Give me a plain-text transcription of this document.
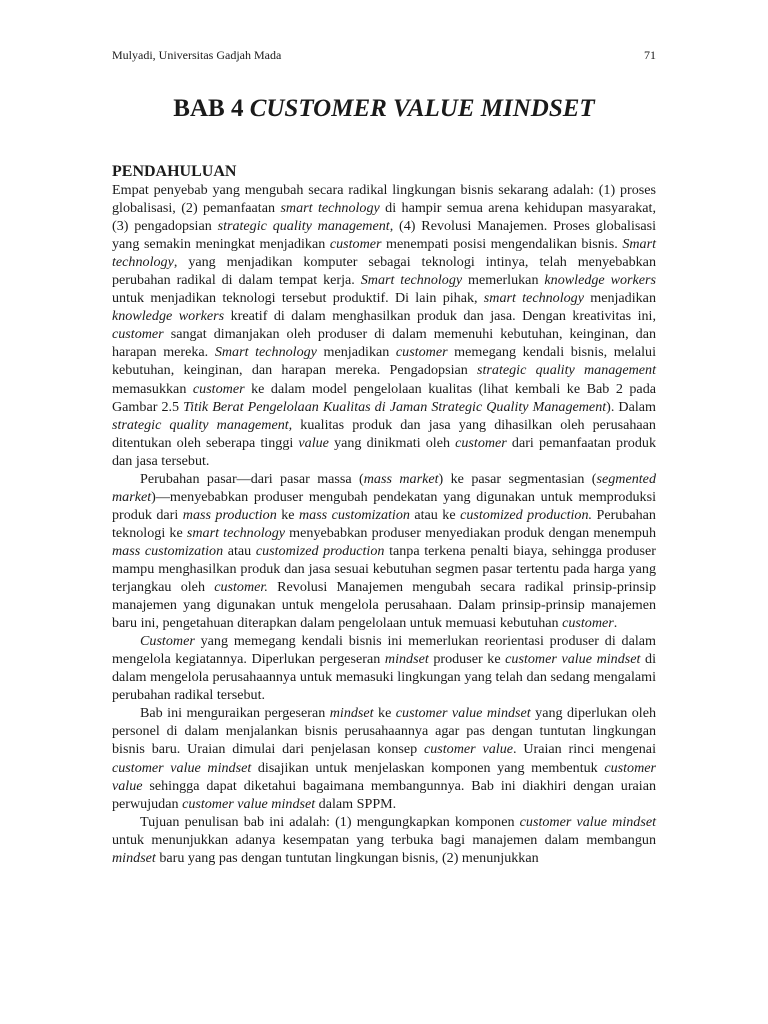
Mulyadi, Universitas Gadjah Mada	71
BAB 4 CUSTOMER VALUE MINDSET
PENDAHULUAN

Empat penyebab yang mengubah secara radikal lingkungan bisnis sekarang adalah: (1) proses globalisasi, (2) pemanfaatan smart technology di hampir semua arena kehidupan masyarakat, (3) pengadopsian strategic quality management, (4) Revolusi Manajemen. Proses globalisasi yang semakin meningkat menjadikan customer menempati posisi mengendalikan bisnis. Smart technology, yang menjadikan komputer sebagai teknologi intinya, telah menyebabkan perubahan radikal di dalam tempat kerja. Smart technology memerlukan knowledge workers untuk menjadikan teknologi tersebut produktif. Di lain pihak, smart technology menjadikan knowledge workers kreatif di dalam menghasilkan produk dan jasa. Dengan kreativitas ini, customer sangat dimanjakan oleh produser di dalam memenuhi kebutuhan, keinginan, dan harapan mereka. Smart technology menjadikan customer memegang kendali bisnis, melalui kebutuhan, keinginan, dan harapan mereka. Pengadopsian strategic quality management memasukkan customer ke dalam model pengelolaan kualitas (lihat kembali ke Bab 2 pada Gambar 2.5 Titik Berat Pengelolaan Kualitas di Jaman Strategic Quality Management). Dalam strategic quality management, kualitas produk dan jasa yang dihasilkan oleh perusahaan ditentukan oleh seberapa tinggi value yang dinikmati oleh customer dari pemanfaatan produk dan jasa tersebut.

Perubahan pasar—dari pasar massa (mass market) ke pasar segmentasian (segmented market)—menyebabkan produser mengubah pendekatan yang digunakan untuk memproduksi produk dari mass production ke mass customization atau ke customized production. Perubahan teknologi ke smart technology menyebabkan produser menyediakan produk dengan menempuh mass customization atau customized production tanpa terkena penalti biaya, sehingga produser mampu menghasilkan produk dan jasa sesuai kebutuhan segmen pasar tertentu pada harga yang terjangkau oleh customer. Revolusi Manajemen mengubah secara radikal prinsip-prinsip manajemen yang digunakan untuk mengelola perusahaan. Dalam prinsip-prinsip manajemen baru ini, pengetahuan diterapkan dalam pengelolaan untuk memuasi kebutuhan customer.

Customer yang memegang kendali bisnis ini memerlukan reorientasi produser di dalam mengelola kegiatannya. Diperlukan pergeseran mindset produser ke customer value mindset di dalam mengelola perusahaannya untuk memasuki lingkungan yang telah dan sedang mengalami perubahan radikal tersebut.

Bab ini menguraikan pergeseran mindset ke customer value mindset yang diperlukan oleh personel di dalam menjalankan bisnis perusahaannya agar pas dengan tuntutan lingkungan bisnis baru. Uraian dimulai dari penjelasan konsep customer value. Uraian rinci mengenai customer value mindset disajikan untuk menjelaskan komponen yang membentuk customer value sehingga dapat diketahui bagaimana membangunnya. Bab ini diakhiri dengan uraian perwujudan customer value mindset dalam SPPM.

Tujuan penulisan bab ini adalah: (1) mengungkapkan komponen customer value mindset untuk menunjukkan adanya kesempatan yang terbuka bagi manajemen dalam membangun mindset baru yang pas dengan tuntutan lingkungan bisnis, (2) menunjukkan
